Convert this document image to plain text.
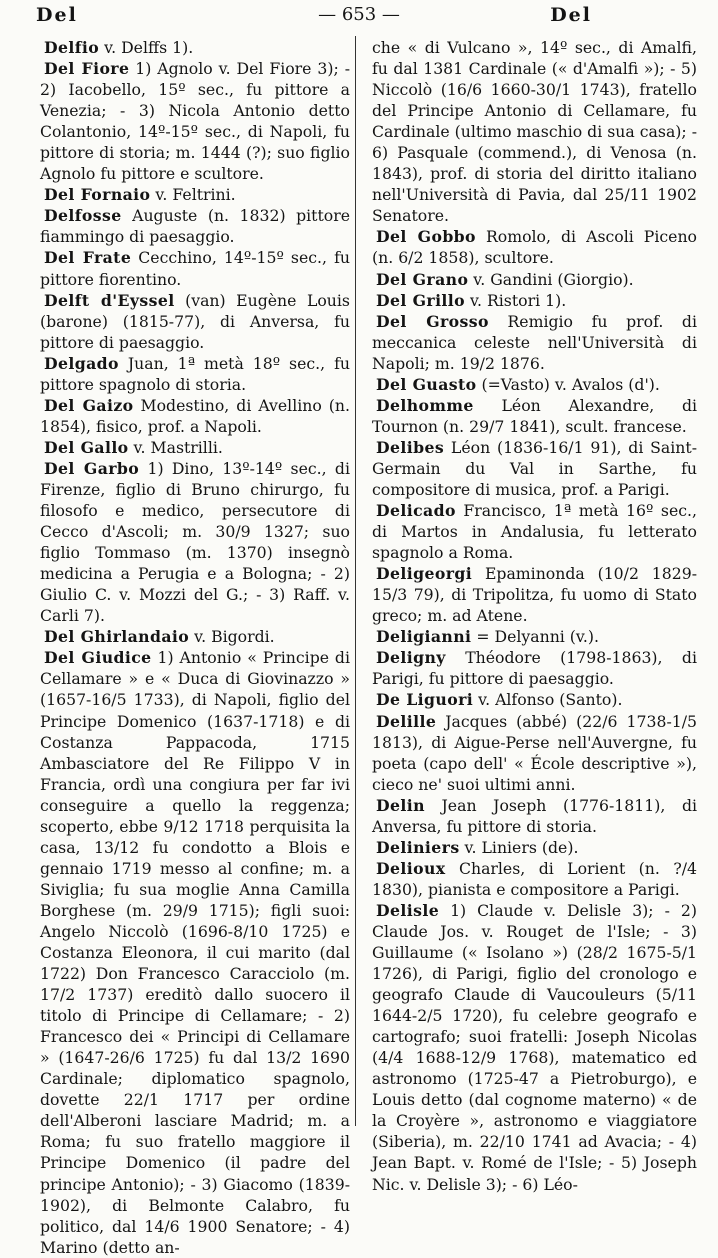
Del	— 653 —	Del

Delfio v. Delffs 1).

Del Fiore 1) Agnolo v. Del Fiore 3); - 2) Iacobello, 15º sec., fu pittore a Venezia; - 3) Nicola Antonio detto Colantonio, 14º-15º sec., di Napoli, fu pittore di storia; m. 1444 (?); suo figlio Agnolo fu pittore e scultore.

Del Fornaio v. Feltrini.

Delfosse Auguste (n. 1832) pittore fiammingo di paesaggio.

Del Frate Cecchino, 14º-15º sec., fu pittore fiorentino.

Delft d'Eyssel (van) Eugène Louis (barone) (1815-77), di Anversa, fu pittore di paesaggio.

Delgado Juan, 1ª metà 18º sec., fu pittore spagnolo di storia.

Del Gaizo Modestino, di Avellino (n. 1854), fisico, prof. a Napoli.

Del Gallo v. Mastrilli.

Del Garbo 1) Dino, 13º-14º sec., di Firenze, figlio di Bruno chirurgo, fu filosofo e medico, persecutore di Cecco d'Ascoli; m. 30/9 1327; suo figlio Tommaso (m. 1370) insegnò medicina a Perugia e a Bologna; - 2) Giulio C. v. Mozzi del G.; - 3) Raff. v. Carli 7).

Del Ghirlandaio v. Bigordi.

Del Giudice 1) Antonio « Principe di Cellamare » e « Duca di Giovinazzo » (1657-16/5 1733), di Napoli, figlio del Principe Domenico (1637-1718) e di Costanza Pappacoda, 1715 Ambasciatore del Re Filippo V in Francia, ordì una congiura per far ivi conseguire a quello la reggenza; scoperto, ebbe 9/12 1718 perquisita la casa, 13/12 fu condotto a Blois e gennaio 1719 messo al confine; m. a Siviglia; fu sua moglie Anna Camilla Borghese (m. 29/9 1715); figli suoi: Angelo Niccolò (1696-8/10 1725) e Costanza Eleonora, il cui marito (dal 1722) Don Francesco Caracciolo (m. 17/2 1737) ereditò dallo suocero il titolo di Principe di Cellamare; - 2) Francesco dei « Principi di Cellamare » (1647-26/6 1725) fu dal 13/2 1690 Cardinale; diplomatico spagnolo, dovette 22/1 1717 per ordine dell'Alberoni lasciare Madrid; m. a Roma; fu suo fratello maggiore il Principe Domenico (il padre del principe Antonio); - 3) Giacomo (1839-1902), di Belmonte Calabro, fu politico, dal 14/6 1900 Senatore; - 4) Marino (detto an-

che « di Vulcano », 14º sec., di Amalfi, fu dal 1381 Cardinale (« d'Amalfi »); - 5) Niccolò (16/6 1660-30/1 1743), fratello del Principe Antonio di Cellamare, fu Cardinale (ultimo maschio di sua casa); - 6) Pasquale (commend.), di Venosa (n. 1843), prof. di storia del diritto italiano nell'Università di Pavia, dal 25/11 1902 Senatore.

Del Gobbo Romolo, di Ascoli Piceno (n. 6/2 1858), scultore.

Del Grano v. Gandini (Giorgio).

Del Grillo v. Ristori 1).

Del Grosso Remigio fu prof. di meccanica celeste nell'Università di Napoli; m. 19/2 1876.

Del Guasto (=Vasto) v. Avalos (d').

Delhomme Léon Alexandre, di Tournon (n. 29/7 1841), scult. francese.

Delibes Léon (1836-16/1 91), di Saint-Germain du Val in Sarthe, fu compositore di musica, prof. a Parigi.

Delicado Francisco, 1ª metà 16º sec., di Martos in Andalusia, fu letterato spagnolo a Roma.

Deligeorgi Epaminonda (10/2 1829-15/3 79), di Tripolitza, fu uomo di Stato greco; m. ad Atene.

Deligianni = Delyanni (v.).

Deligny Théodore (1798-1863), di Parigi, fu pittore di paesaggio.

De Liguori v. Alfonso (Santo).

Delille Jacques (abbé) (22/6 1738-1/5 1813), di Aigue-Perse nell'Auvergne, fu poeta (capo dell' « École descriptive »), cieco ne' suoi ultimi anni.

Delin Jean Joseph (1776-1811), di Anversa, fu pittore di storia.

Deliniers v. Liniers (de).

Delioux Charles, di Lorient (n. ?/4 1830), pianista e compositore a Parigi.

Delisle 1) Claude v. Delisle 3); - 2) Claude Jos. v. Rouget de l'Isle; - 3) Guillaume (« Isolano ») (28/2 1675-5/1 1726), di Parigi, figlio del cronologo e geografo Claude di Vaucouleurs (5/11 1644-2/5 1720), fu celebre geografo e cartografo; suoi fratelli: Joseph Nicolas (4/4 1688-12/9 1768), matematico ed astronomo (1725-47 a Pietroburgo), e Louis detto (dal cognome materno) « de la Croyère », astronomo e viaggiatore (Siberia), m. 22/10 1741 ad Avacia; - 4) Jean Bapt. v. Romé de l'Isle; - 5) Joseph Nic. v. Delisle 3); - 6) Léo-
